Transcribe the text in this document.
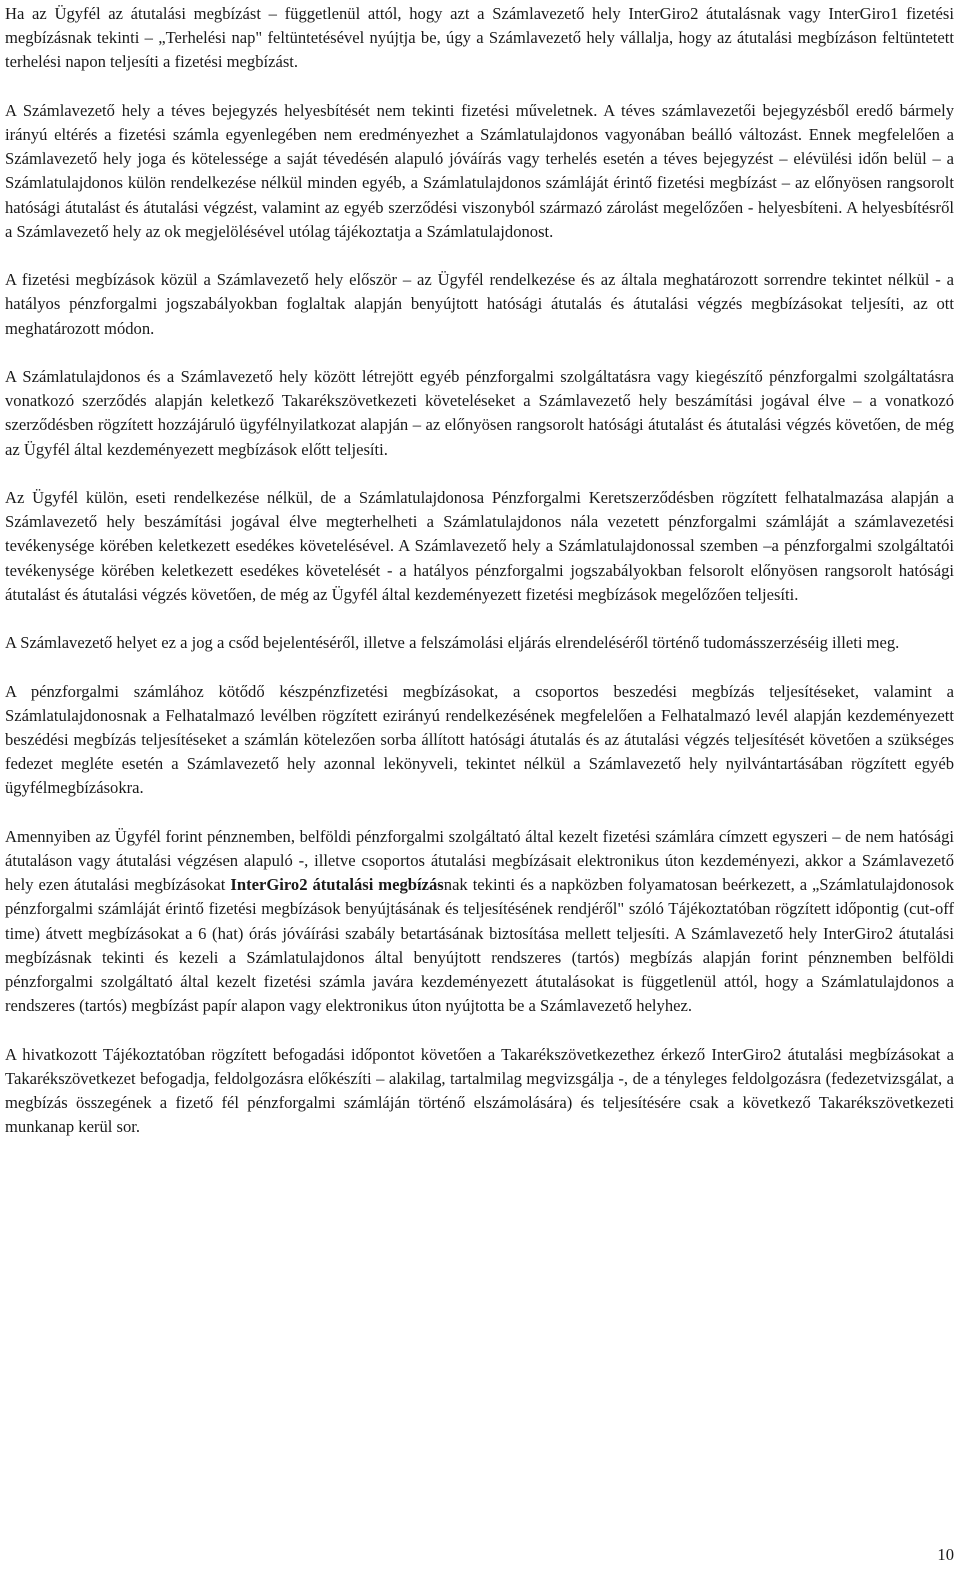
Ha az Ügyfél az átutalási megbízást – függetlenül attól, hogy azt a Számlavezető hely InterGiro2 átutalásnak vagy InterGiro1 fizetési megbízásnak tekinti – „Terhelési nap" feltüntetésével nyújtja be, úgy a Számlavezető hely vállalja, hogy az átutalási megbízáson feltüntetett terhelési napon teljesíti a fizetési megbízást.

A Számlavezető hely a téves bejegyzés helyesbítését nem tekinti fizetési műveletnek. A téves számlavezetői bejegyzésből eredő bármely irányú eltérés a fizetési számla egyenlegében nem eredményezhet a Számlatulajdonos vagyonában beálló változást. Ennek megfelelően a Számlavezető hely joga és kötelessége a saját tévedésén alapuló jóváírás vagy terhelés esetén a téves bejegyzést – elévülési időn belül – a Számlatulajdonos külön rendelkezése nélkül minden egyéb, a Számlatulajdonos számláját érintő fizetési megbízást – az előnyösen rangsorolt hatósági átutalást és átutalási végzést, valamint az egyéb szerződési viszonyból származó zárolást megelőzően - helyesbíteni. A helyesbítésről a Számlavezető hely az ok megjelölésével utólag tájékoztatja a Számlatulajdonost.

A fizetési megbízások közül a Számlavezető hely először – az Ügyfél rendelkezése és az általa meghatározott sorrendre tekintet nélkül - a hatályos pénzforgalmi jogszabályokban foglaltak alapján benyújtott hatósági átutalás és átutalási végzés megbízásokat teljesíti, az ott meghatározott módon.

A Számlatulajdonos és a Számlavezető hely között létrejött egyéb pénzforgalmi szolgáltatásra vagy kiegészítő pénzforgalmi szolgáltatásra vonatkozó szerződés alapján keletkező Takarékszövetkezeti követeléseket a Számlavezető hely beszámítási jogával élve – a vonatkozó szerződésben rögzített hozzájáruló ügyfélnyilatkozat alapján – az előnyösen rangsorolt hatósági átutalást és átutalási végzés követően, de még az Ügyfél által kezdeményezett megbízások előtt teljesíti.

Az Ügyfél külön, eseti rendelkezése nélkül, de a Számlatulajdonosa Pénzforgalmi Keretszerződésben rögzített felhatalmazása alapján a Számlavezető hely beszámítási jogával élve megterhelheti a Számlatulajdonos nála vezetett pénzforgalmi számláját a számlavezetési tevékenysége körében keletkezett esedékes követelésével. A Számlavezető hely a Számlatulajdonossal szemben –a pénzforgalmi szolgáltatói tevékenysége körében keletkezett esedékes követelését - a hatályos pénzforgalmi jogszabályokban felsorolt előnyösen rangsorolt hatósági átutalást és átutalási végzés követően, de még az Ügyfél által kezdeményezett fizetési megbízások megelőzően teljesíti.

A Számlavezető helyet ez a jog a csőd bejelentéséről, illetve a felszámolási eljárás elrendeléséről történő tudomásszerzéséig illeti meg.

A pénzforgalmi számlához kötődő készpénzfizetési megbízásokat, a csoportos beszedési megbízás teljesítéseket, valamint a Számlatulajdonosnak a Felhatalmazó levélben rögzített ezirányú rendelkezésének megfelelően a Felhatalmazó levél alapján kezdeményezett beszédési megbízás teljesítéseket a számlán kötelezően sorba állított hatósági átutalás és az átutalási végzés teljesítését követően a szükséges fedezet megléte esetén a Számlavezető hely azonnal lekönyveli, tekintet nélkül a Számlavezető hely nyilvántartásában rögzített egyéb ügyfélmegbízásokra.

Amennyiben az Ügyfél forint pénznemben, belföldi pénzforgalmi szolgáltató által kezelt fizetési számlára címzett egyszeri – de nem hatósági átutaláson vagy átutalási végzésen alapuló -, illetve csoportos átutalási megbízásait elektronikus úton kezdeményezi, akkor a Számlavezető hely ezen átutalási megbízásokat InterGiro2 átutalási megbízásnak tekinti és a napközben folyamatosan beérkezett, a „Számlatulajdonosok pénzforgalmi számláját érintő fizetési megbízások benyújtásának és teljesítésének rendjéről" szóló Tájékoztatóban rögzített időpontig (cut-off time) átvett megbízásokat a 6 (hat) órás jóváírási szabály betartásának biztosítása mellett teljesíti. A Számlavezető hely InterGiro2 átutalási megbízásnak tekinti és kezeli a Számlatulajdonos által benyújtott rendszeres (tartós) megbízás alapján forint pénznemben belföldi pénzforgalmi szolgáltató által kezelt fizetési számla javára kezdeményezett átutalásokat is függetlenül attól, hogy a Számlatulajdonos a rendszeres (tartós) megbízást papír alapon vagy elektronikus úton nyújtotta be a Számlavezető helyhez.

A hivatkozott Tájékoztatóban rögzített befogadási időpontot követően a Takarékszövetkezethez érkező InterGiro2 átutalási megbízásokat a Takarékszövetkezet befogadja, feldolgozásra előkészíti – alakilag, tartalmilag megvizsgálja -, de a tényleges feldolgozásra (fedezetvizsgálat, a megbízás összegének a fizető fél pénzforgalmi számláján történő elszámolására) és teljesítésére csak a következő Takarékszövetkezeti munkanap kerül sor.

10
